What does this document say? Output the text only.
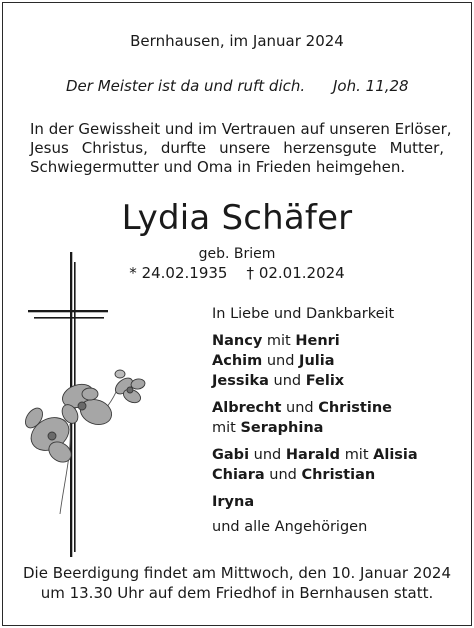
Bernhausen, im Januar 2024
Der Meister ist da und ruft dich. Joh. 11,28
In der Gewissheit und im Vertrauen auf unseren Erlöser,
Jesus Christus, durfte unsere herzensgute Mutter,
Schwiegermutter und Oma in Frieden heimgehen.
Lydia Schäfer
geb. Briem
* 24.02.1935 † 02.01.2024
In Liebe und Dankbarkeit
Nancy mit Henri
Achim und Julia
Jessika und Felix
Albrecht und Christine
mit Seraphina
Gabi und Harald mit Alisia
Chiara und Christian
Iryna
und alle Angehörigen
Die Beerdigung findet am Mittwoch, den 10. Januar 2024
um 13.30 Uhr auf dem Friedhof in Bernhausen statt.
